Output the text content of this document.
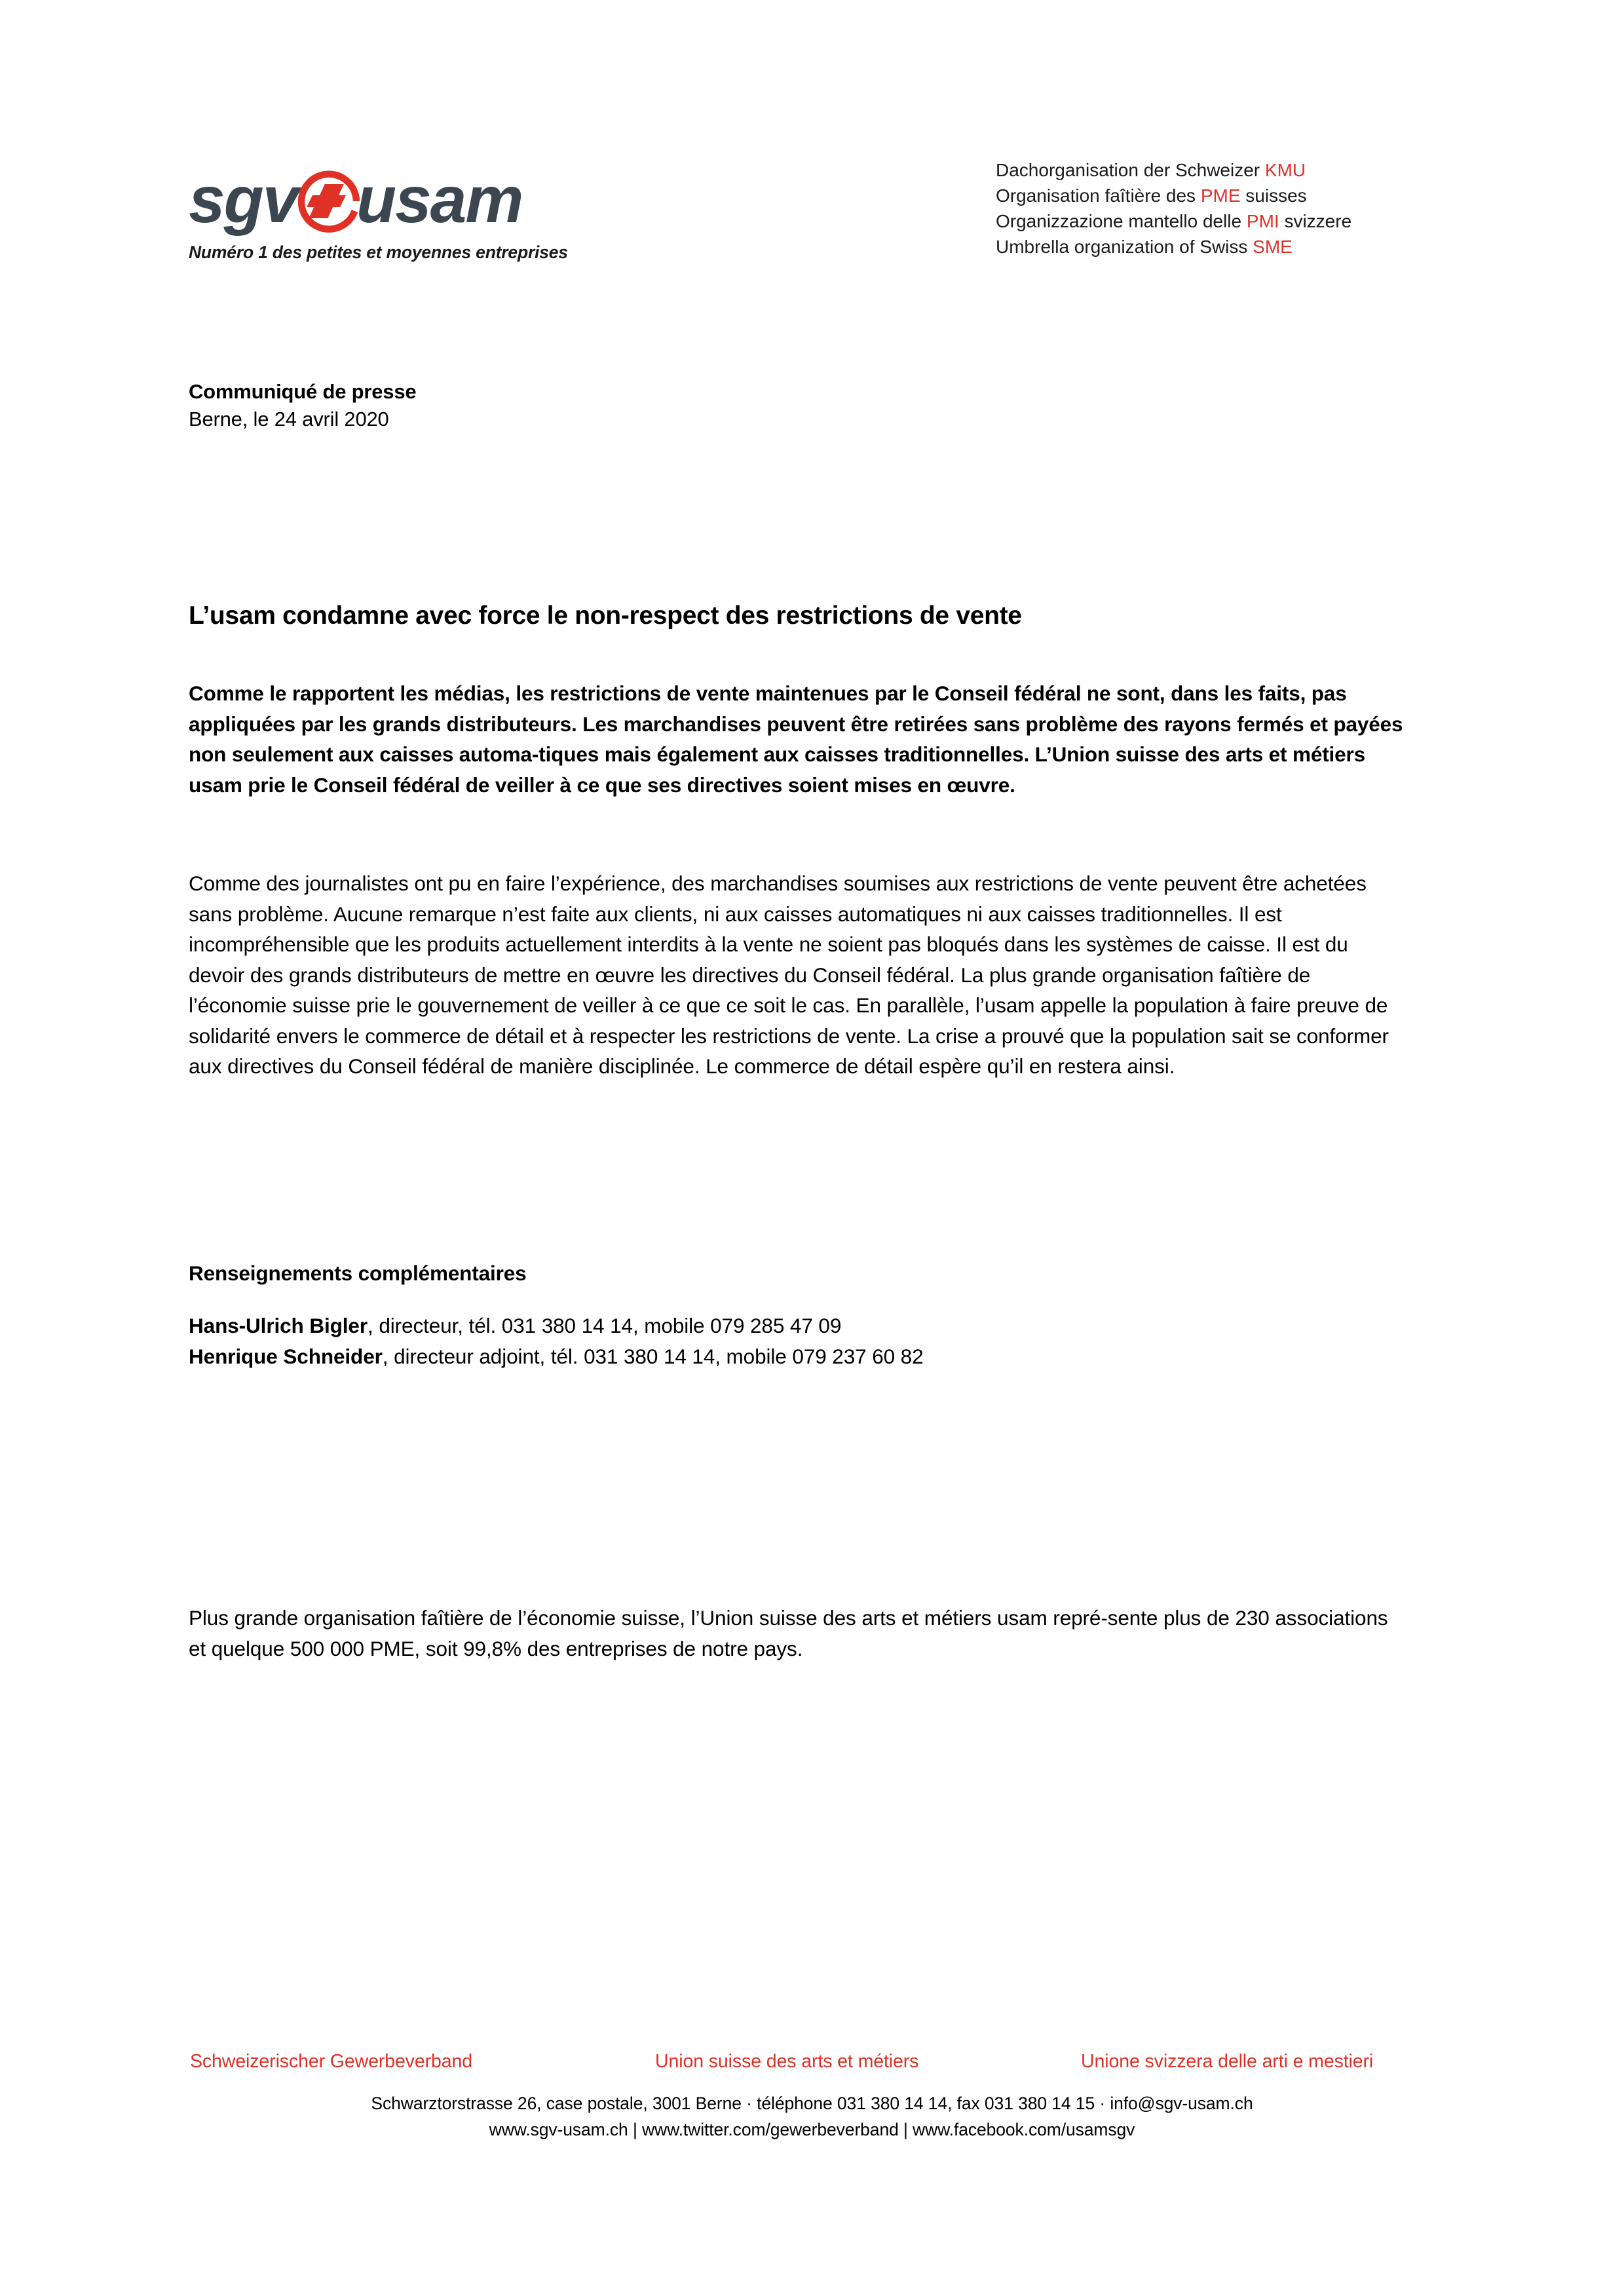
sgv usam
Numéro 1 des petites et moyennes entreprises
Dachorganisation der Schweizer KMU
Organisation faîtière des PME suisses
Organizzazione mantello delle PMI svizzere
Umbrella organization of Swiss SME
Communiqué de presse
Berne, le 24 avril 2020
L’usam condamne avec force le non-respect des restrictions de vente
Comme le rapportent les médias, les restrictions de vente maintenues par le Conseil fédéral ne sont, dans les faits, pas appliquées par les grands distributeurs. Les marchandises peuvent être retirées sans problème des rayons fermés et payées non seulement aux caisses automa-tiques mais également aux caisses traditionnelles. L’Union suisse des arts et métiers usam prie le Conseil fédéral de veiller à ce que ses directives soient mises en œuvre.
Comme des journalistes ont pu en faire l’expérience, des marchandises soumises aux restrictions de vente peuvent être achetées sans problème. Aucune remarque n’est faite aux clients, ni aux caisses automatiques ni aux caisses traditionnelles. Il est incompréhensible que les produits actuellement interdits à la vente ne soient pas bloqués dans les systèmes de caisse. Il est du devoir des grands distributeurs de mettre en œuvre les directives du Conseil fédéral. La plus grande organisation faîtière de l’économie suisse prie le gouvernement de veiller à ce que ce soit le cas. En parallèle, l’usam appelle la population à faire preuve de solidarité envers le commerce de détail et à respecter les restrictions de vente. La crise a prouvé que la population sait se conformer aux directives du Conseil fédéral de manière disciplinée. Le commerce de détail espère qu’il en restera ainsi.
Renseignements complémentaires
Hans-Ulrich Bigler, directeur, tél. 031 380 14 14, mobile 079 285 47 09
Henrique Schneider, directeur adjoint, tél. 031 380 14 14, mobile 079 237 60 82
Plus grande organisation faîtière de l’économie suisse, l’Union suisse des arts et métiers usam repré-sente plus de 230 associations et quelque 500 000 PME, soit 99,8% des entreprises de notre pays.
Schweizerischer Gewerbeverband	Union suisse des arts et métiers	Unione svizzera delle arti e mestieri
Schwarztorstrasse 26, case postale, 3001 Berne · téléphone 031 380 14 14, fax 031 380 14 15 · info@sgv-usam.ch
www.sgv-usam.ch | www.twitter.com/gewerbeverband | www.facebook.com/usamsgv
